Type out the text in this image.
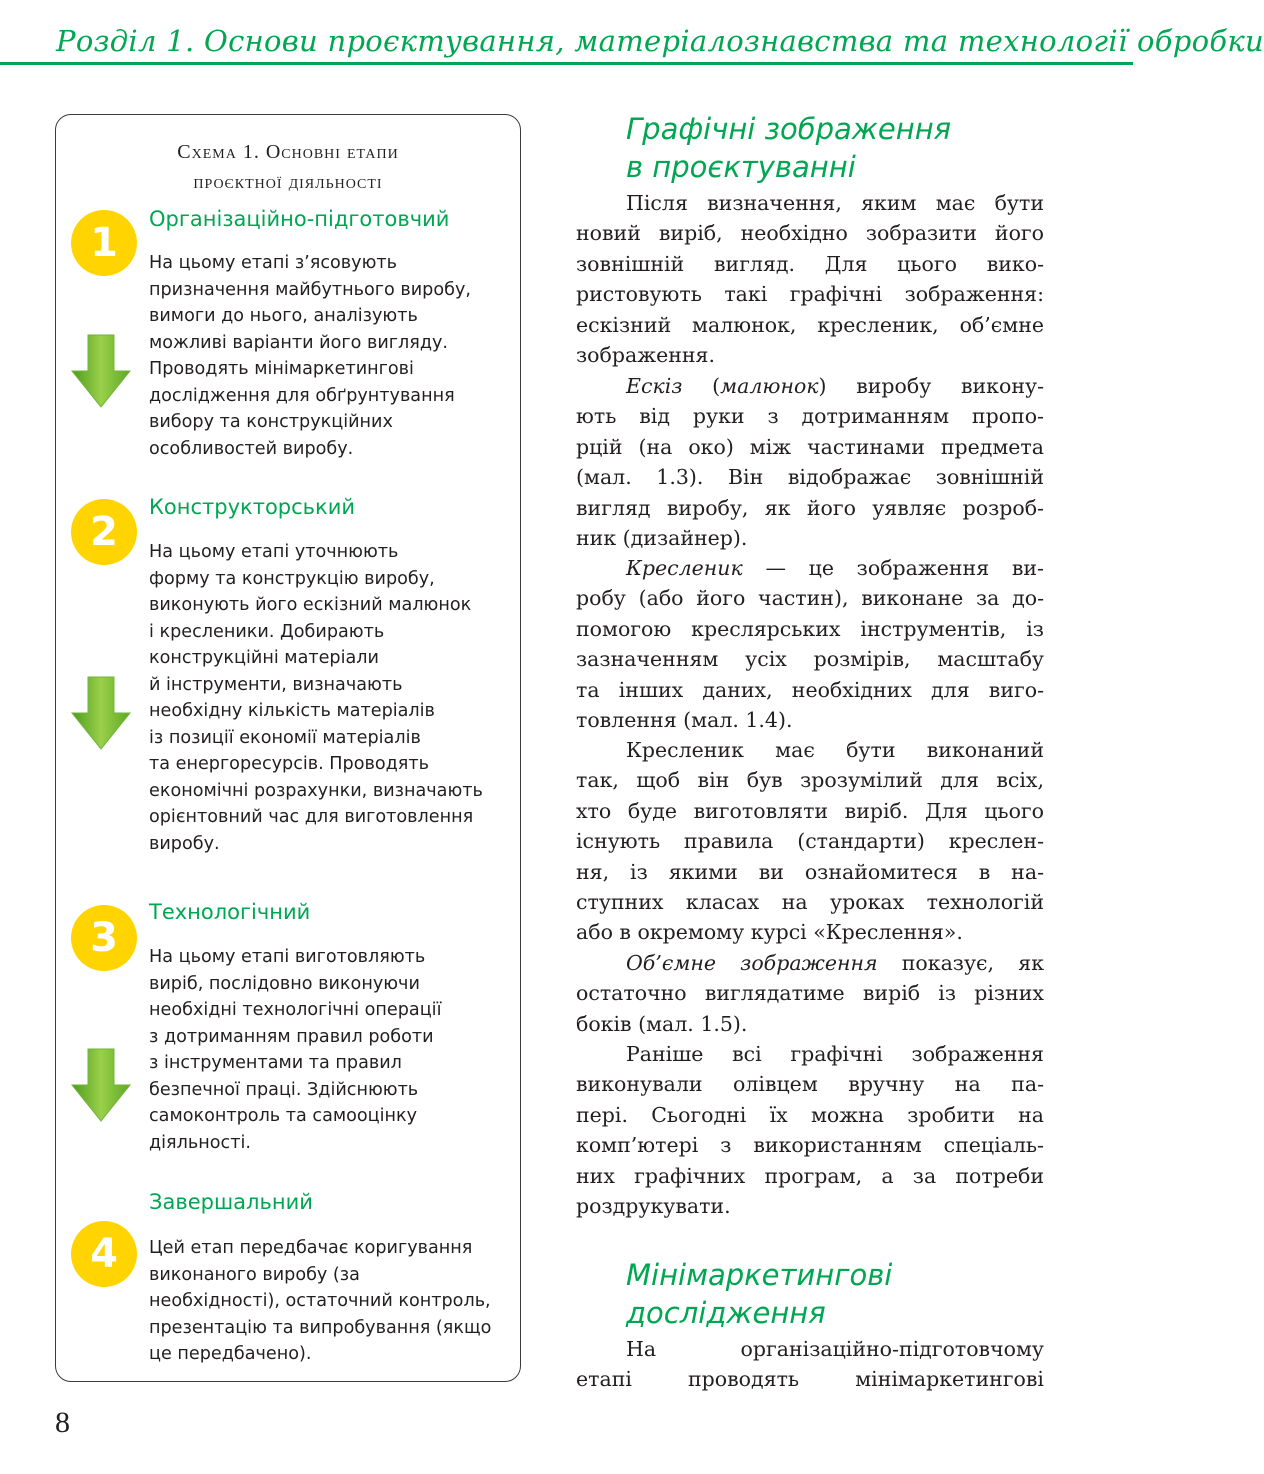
Розділ 1. Основи проєктування, матеріалознавства та технології обробки
Схема 1. Основні етапи
проєктної діяльності
1
Організаційно-підготовчий
На цьому етапі з’ясовують
призначення майбутнього виробу,
вимоги до нього, аналізують
можливі варіанти його вигляду.
Проводять мінімаркетингові
дослідження для обґрунтування
вибору та конструкційних
особливостей виробу.
2
Конструкторський
На цьому етапі уточнюють
форму та конструкцію виробу,
виконують його ескізний малюнок
і кресленики. Добирають
конструкційні матеріали
й інструменти, визначають
необхідну кількість матеріалів
із позиції економії матеріалів
та енергоресурсів. Проводять
економічні розрахунки, визначають
орієнтовний час для виготовлення
виробу.
3
Технологічний
На цьому етапі виготовляють
виріб, послідовно виконуючи
необхідні технологічні операції
з дотриманням правил роботи
з інструментами та правил
безпечної праці. Здійснюють
самоконтроль та самооцінку
діяльності.
4
Завершальний
Цей етап передбачає коригування
виконаного виробу (за
необхідності), остаточний контроль,
презентацію та випробування (якщо
це передбачено).
Графічні зображення
в проєктуванні
Після визначення, яким має бути
новий виріб, необхідно зобразити його
зовнішній вигляд. Для цього вико-
ристовують такі графічні зображення:
ескізний малюнок, кресленик, об’ємне
зображення.
Ескіз (малюнок) виробу викону-
ють від руки з дотриманням пропо-
рцій (на око) між частинами предмета
(мал. 1.3). Він відображає зовнішній
вигляд виробу, як його уявляє розроб-
ник (дизайнер).
Кресленик — це зображення ви-
робу (або його частин), виконане за до-
помогою креслярських інструментів, із
зазначенням усіх розмірів, масштабу
та інших даних, необхідних для виго-
товлення (мал. 1.4).
Кресленик має бути виконаний
так, щоб він був зрозумілий для всіх,
хто буде виготовляти виріб. Для цього
існують правила (стандарти) креслен-
ня, із якими ви ознайомитеся в на-
ступних класах на уроках технологій
або в окремому курсі «Креслення».
Об’ємне зображення показує, як
остаточно виглядатиме виріб із різних
боків (мал. 1.5).
Раніше всі графічні зображення
виконували олівцем вручну на па-
пері. Сьогодні їх можна зробити на
комп’ютері з використанням спеціаль-
них графічних програм, а за потреби
роздрукувати.
Мінімаркетингові
дослідження
На організаційно-підготовчому
етапі проводять мінімаркетингові
8
